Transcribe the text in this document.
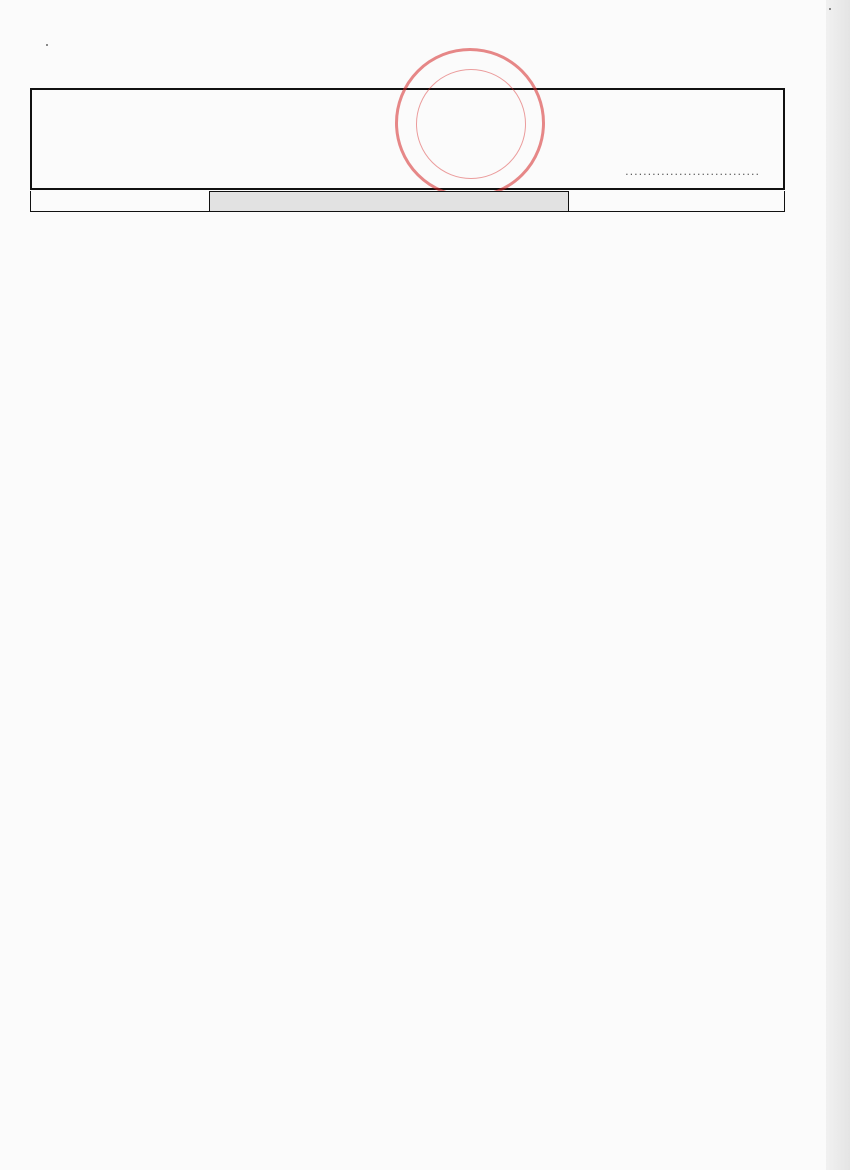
..............................
